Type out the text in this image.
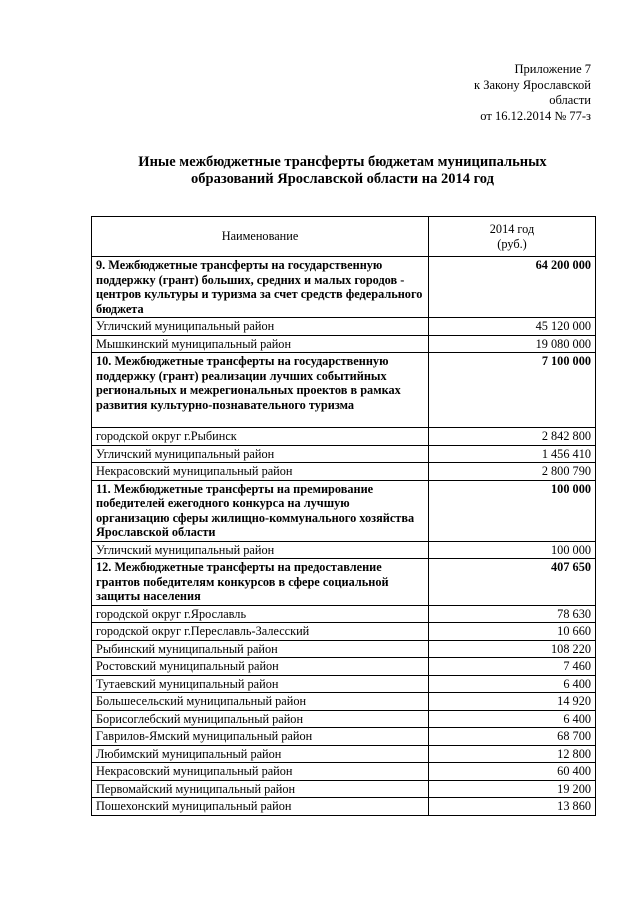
Приложение 7
к Закону Ярославской
области
от 16.12.2014 № 77-з
Иные межбюджетные трансферты бюджетам муниципальных
образований Ярославской области на 2014 год
Наименование	2014 год
(руб.)

9. Межбюджетные трансферты на государственную поддержку (грант) больших, средних и малых городов - центров культуры и туризма за счет средств федерального бюджета	64 200 000
Угличский муниципальный район	45 120 000
Мышкинский муниципальный район	19 080 000
10. Межбюджетные трансферты на государственную поддержку (грант) реализации лучших событийных региональных и межрегиональных проектов в рамках развития культурно-познавательного туризма	7 100 000
городской округ г.Рыбинск	2 842 800
Угличский муниципальный район	1 456 410
Некрасовский муниципальный район	2 800 790
11. Межбюджетные трансферты на премирование победителей ежегодного конкурса на лучшую организацию сферы жилищно-коммунального хозяйства Ярославской области	100 000
Угличский муниципальный район	100 000
12. Межбюджетные трансферты на предоставление грантов победителям конкурсов в сфере социальной защиты населения	407 650
городской округ г.Ярославль	78 630
городской округ г.Переславль-Залесский	10 660
Рыбинский муниципальный район	108 220
Ростовский муниципальный район	7 460
Тутаевский муниципальный район	6 400
Большесельский муниципальный район	14 920
Борисоглебский муниципальный район	6 400
Гаврилов-Ямский муниципальный район	68 700
Любимский муниципальный район	12 800
Некрасовский муниципальный район	60 400
Первомайский муниципальный район	19 200
Пошехонский муниципальный район	13 860
